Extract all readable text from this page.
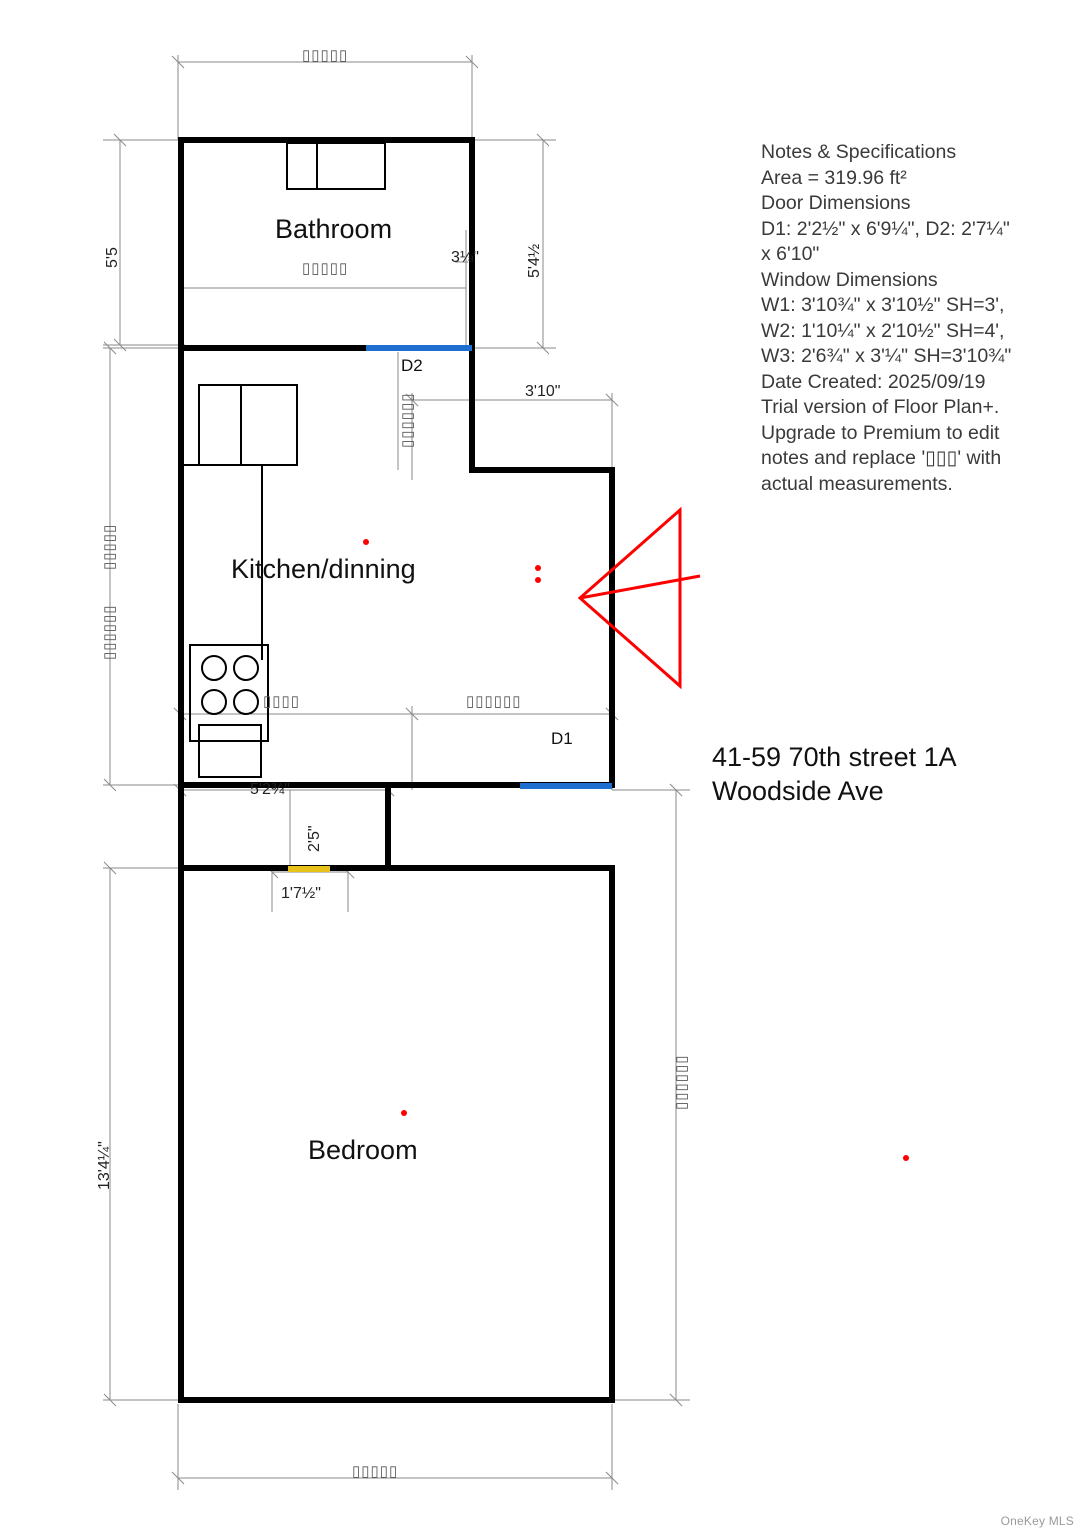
Bathroom
Kitchen/dinning
Bedroom
▯▯▯▯▯
5'5	5'4½
▯▯▯▯▯
3⅛"
D2
▯▯▯▯▯▯
3'10"
▯▯▯▯▯
▯▯▯▯▯▯
▯▯▯▯	▯▯▯▯▯▯
D1
5'2¾"
2'5"
1'7½"
13'4¼"
▯▯▯▯▯▯
▯▯▯▯▯
Notes & Specifications
Area = 319.96 ft²
Door Dimensions
D1: 2'2½" x 6'9¼", D2: 2'7¼" x 6'10"
Window Dimensions
W1: 3'10¾" x 3'10½" SH=3', W2: 1'10¼" x 2'10½" SH=4', W3: 2'6¾" x 3'¼" SH=3'10¾"
Date Created: 2025/09/19
Trial version of Floor Plan+. Upgrade to Premium to edit notes and replace '▯▯▯' with actual measurements.
41-59 70th street 1A
Woodside Ave
OneKey MLS
